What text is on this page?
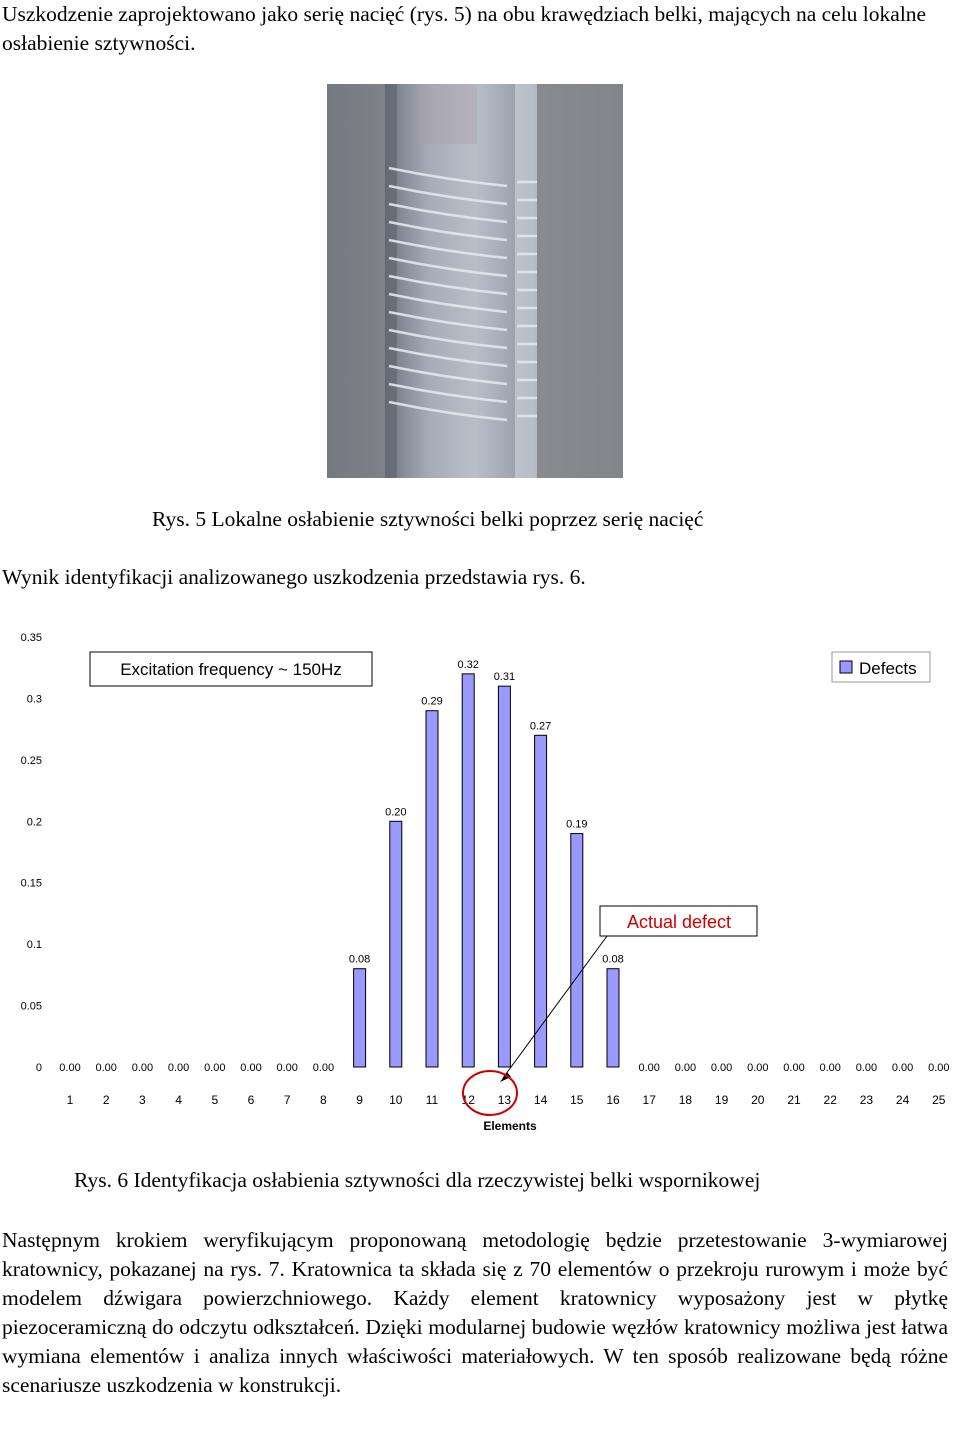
Uszkodzenie zaprojektowano jako serię nacięć (rys. 5) na obu krawędziach belki, mających na celu lokalne osłabienie sztywności.

Rys. 5 Lokalne osłabienie sztywności belki poprzez serię nacięć

Wynik identyfikacji analizowanego uszkodzenia przedstawia rys. 6.

0
0.05
0.1
0.15
0.2
0.25
0.3
0.35
0.00 0.00 0.00 0.00 0.00 0.00 0.00 0.00
0.08
0.20
0.29
0.32
0.31
0.27
0.19
0.08
0.00 0.00 0.00 0.00 0.00 0.00 0.00 0.00 0.00
1 2 3 4 5 6 7 8 9 10 11 12 13 14 15 16 17 18 19 20 21 22 23 24 25
Excitation frequency ~ 150Hz	Defects
Actual defect
Elements

Rys. 6 Identyfikacja osłabienia sztywności dla rzeczywistej belki wspornikowej

Następnym krokiem weryfikującym proponowaną metodologię będzie przetestowanie 3-wymiarowej kratownicy, pokazanej na rys. 7. Kratownica ta składa się z 70 elementów o przekroju rurowym i może być modelem dźwigara powierzchniowego. Każdy element kratownicy wyposażony jest w płytkę piezoceramiczną do odczytu odkształceń. Dzięki modularnej budowie węzłów kratownicy możliwa jest łatwa wymiana elementów i analiza innych właściwości materiałowych. W ten sposób realizowane będą różne scenariusze uszkodzenia w konstrukcji.
